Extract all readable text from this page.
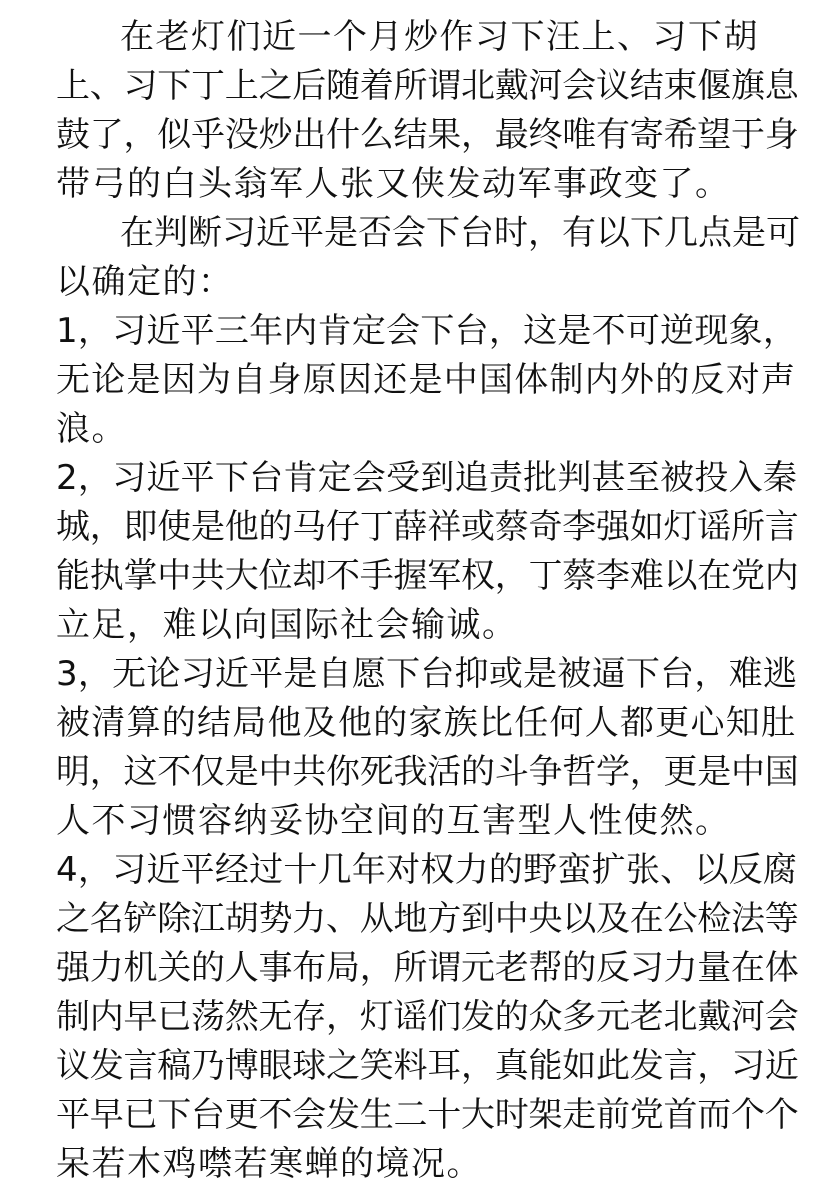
在老灯们近一个月炒作习下汪上、习下胡
上、习下丁上之后随着所谓北戴河会议结束偃旗息
鼓了，似乎没炒出什么结果，最终唯有寄希望于身
带弓的白头翁军人张又侠发动军事政变了。
在判断习近平是否会下台时，有以下几点是可
以确定的：
1，习近平三年内肯定会下台，这是不可逆现象，
无论是因为自身原因还是中国体制内外的反对声
浪。
2，习近平下台肯定会受到追责批判甚至被投入秦
城，即使是他的马仔丁薛祥或蔡奇李强如灯谣所言
能执掌中共大位却不手握军权，丁蔡李难以在党内
立足，难以向国际社会输诚。
3，无论习近平是自愿下台抑或是被逼下台，难逃
被清算的结局他及他的家族比任何人都更心知肚
明，这不仅是中共你死我活的斗争哲学，更是中国
人不习惯容纳妥协空间的互害型人性使然。
4，习近平经过十几年对权力的野蛮扩张、以反腐
之名铲除江胡势力、从地方到中央以及在公检法等
强力机关的人事布局，所谓元老帮的反习力量在体
制内早已荡然无存，灯谣们发的众多元老北戴河会
议发言稿乃博眼球之笑料耳，真能如此发言，习近
平早已下台更不会发生二十大时架走前党首而个个
呆若木鸡噤若寒蝉的境况。
